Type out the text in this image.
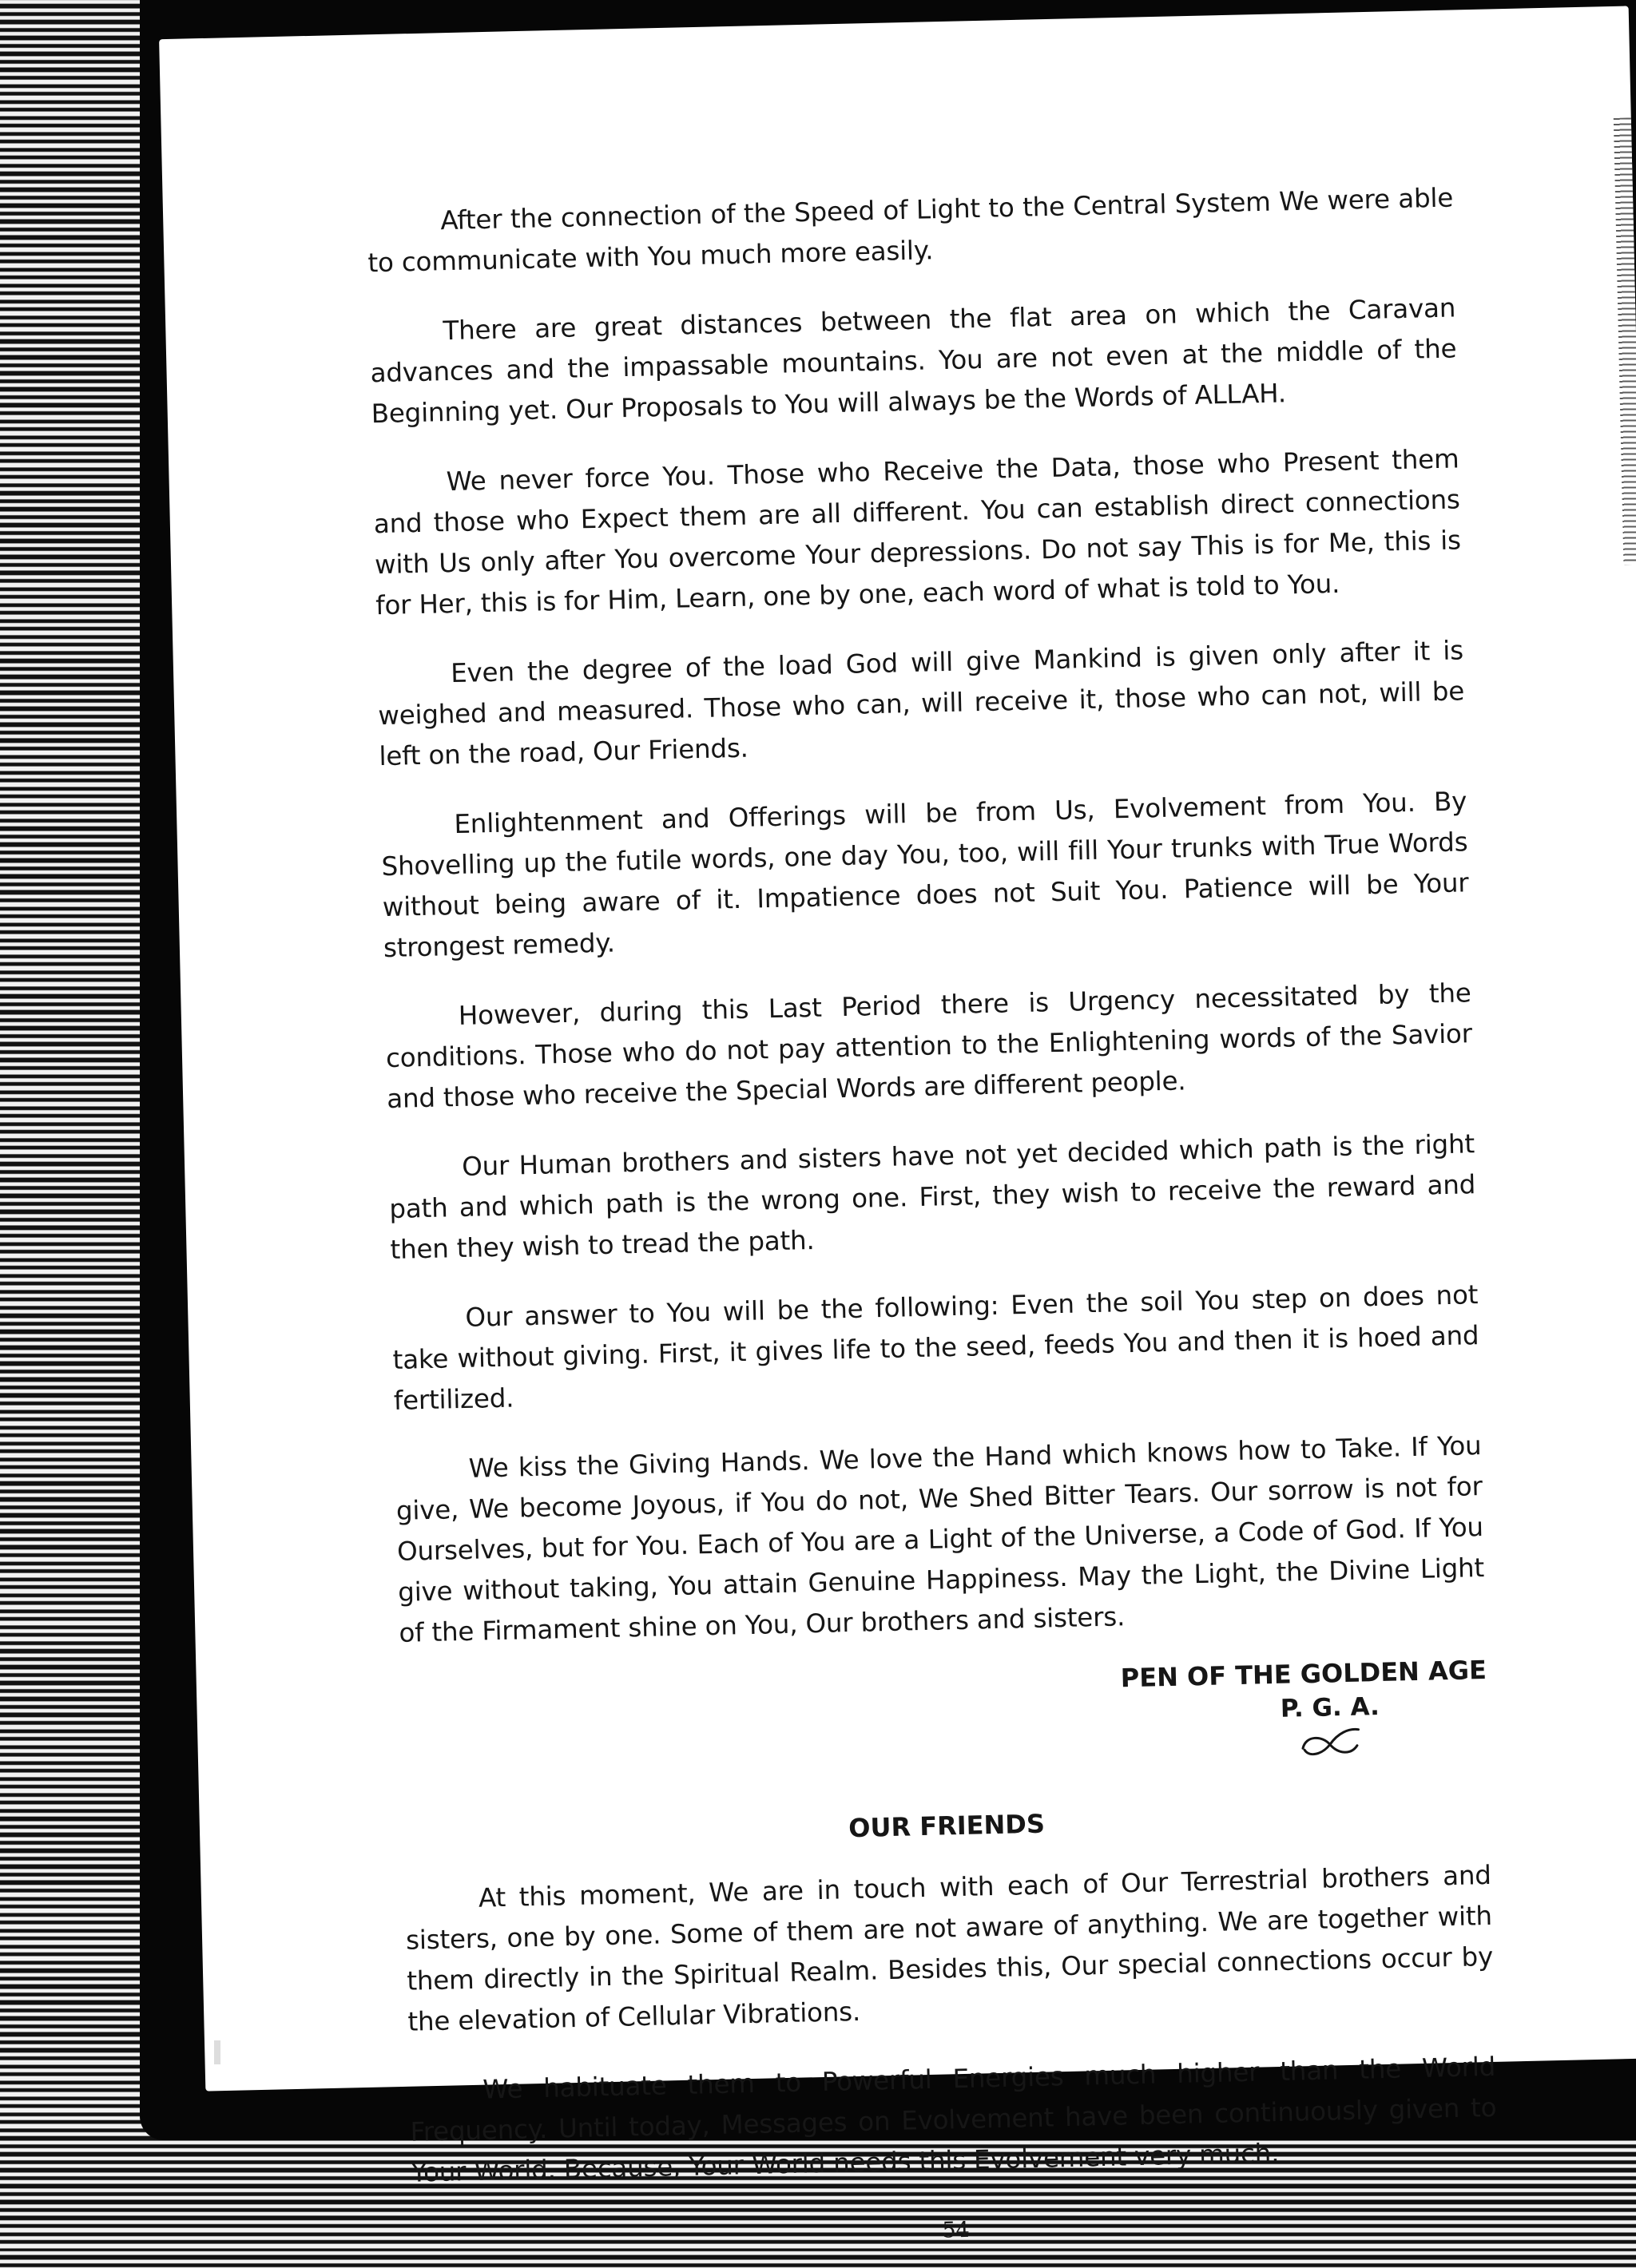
After the connection of the Speed of Light to the Central System We were able to communicate with You much more easily.

There are great distances between the flat area on which the Caravan advances and the impassable mountains. You are not even at the middle of the Beginning yet. Our Proposals to You will always be the Words of ALLAH.

We never force You. Those who Receive the Data, those who Present them and those who Expect them are all different. You can establish direct connections with Us only after You overcome Your depressions. Do not say This is for Me, this is for Her, this is for Him, Learn, one by one, each word of what is told to You.

Even the degree of the load God will give Mankind is given only after it is weighed and measured. Those who can, will receive it, those who can not, will be left on the road, Our Friends.

Enlightenment and Offerings will be from Us, Evolvement from You. By Shovelling up the futile words, one day You, too, will fill Your trunks with True Words without being aware of it. Impatience does not Suit You. Patience will be Your strongest remedy.

However, during this Last Period there is Urgency necessitated by the conditions. Those who do not pay attention to the Enlightening words of the Savior and those who receive the Special Words are different people.

Our Human brothers and sisters have not yet decided which path is the right path and which path is the wrong one. First, they wish to receive the reward and then they wish to tread the path.

Our answer to You will be the following: Even the soil You step on does not take without giving. First, it gives life to the seed, feeds You and then it is hoed and fertilized.

We kiss the Giving Hands. We love the Hand which knows how to Take. If You give, We become Joyous, if You do not, We Shed Bitter Tears. Our sorrow is not for Ourselves, but for You. Each of You are a Light of the Universe, a Code of God. If You give without taking, You attain Genuine Happiness. May the Light, the Divine Light of the Firmament shine on You, Our brothers and sisters.

PEN OF THE GOLDEN AGE
P. G. A.
OUR FRIENDS

At this moment, We are in touch with each of Our Terrestrial brothers and sisters, one by one. Some of them are not aware of anything. We are together with them directly in the Spiritual Realm. Besides this, Our special connections occur by the elevation of Cellular Vibrations.

We habituate them to Powerful Energies much higher than the World Frequency. Until today, Messages on Evolvement have been continuously given to Your World. Because, Your World needs this Evolvement very much.

54
